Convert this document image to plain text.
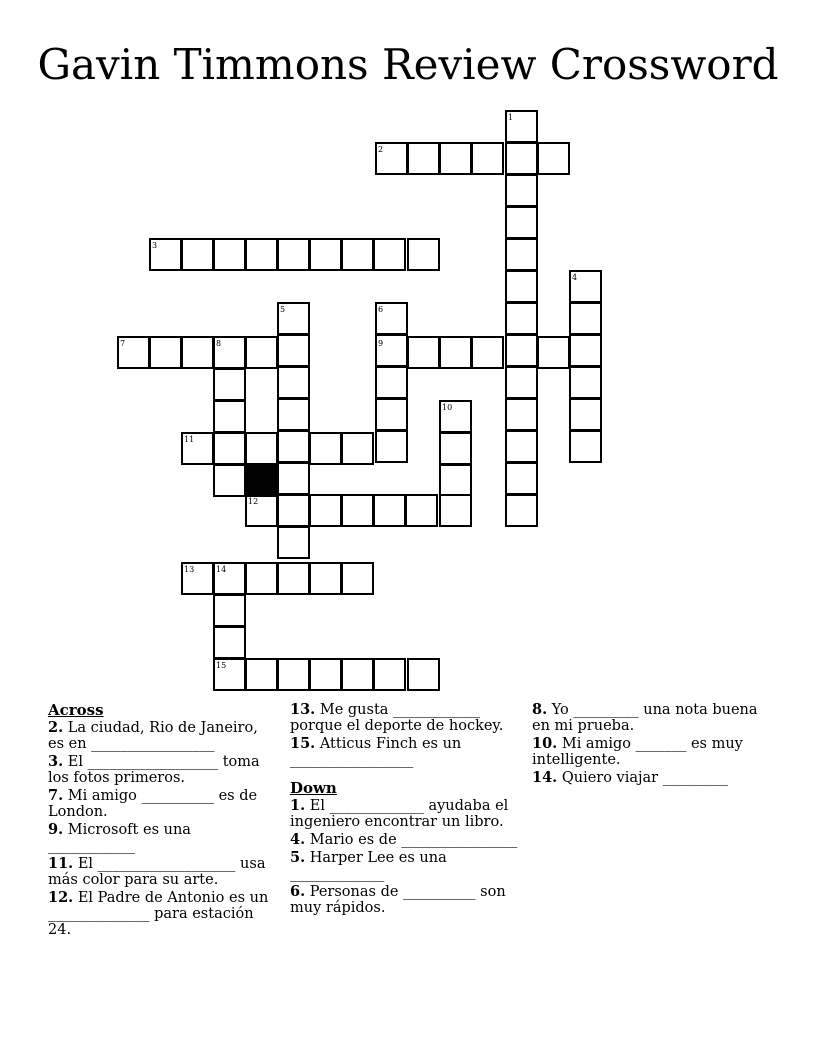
Gavin Timmons Review Crossword
1
2
3
4
5	6
7	8	9
10
11
12
13	14
15

Across

2. La ciudad, Rio de Janeiro, es en _________________

3. El __________________ toma los fotos primeros.

7. Mi amigo __________ es de London.

9. Microsoft es una ____________

11. El ___________________ usa más color para su arte.

12. El Padre de Antonio es un ______________ para estación 24.

13. Me gusta ____________ porque el deporte de hockey.

15. Atticus Finch es un _________________

Down

1. El _____________ ayudaba el ingeniero encontrar un libro.

4. Mario es de ________________

5. Harper Lee es una _____________

6. Personas de __________ son muy rápidos.

8. Yo _________ una nota buena en mi prueba.

10. Mi amigo _______ es muy intelligente.

14. Quiero viajar _________
